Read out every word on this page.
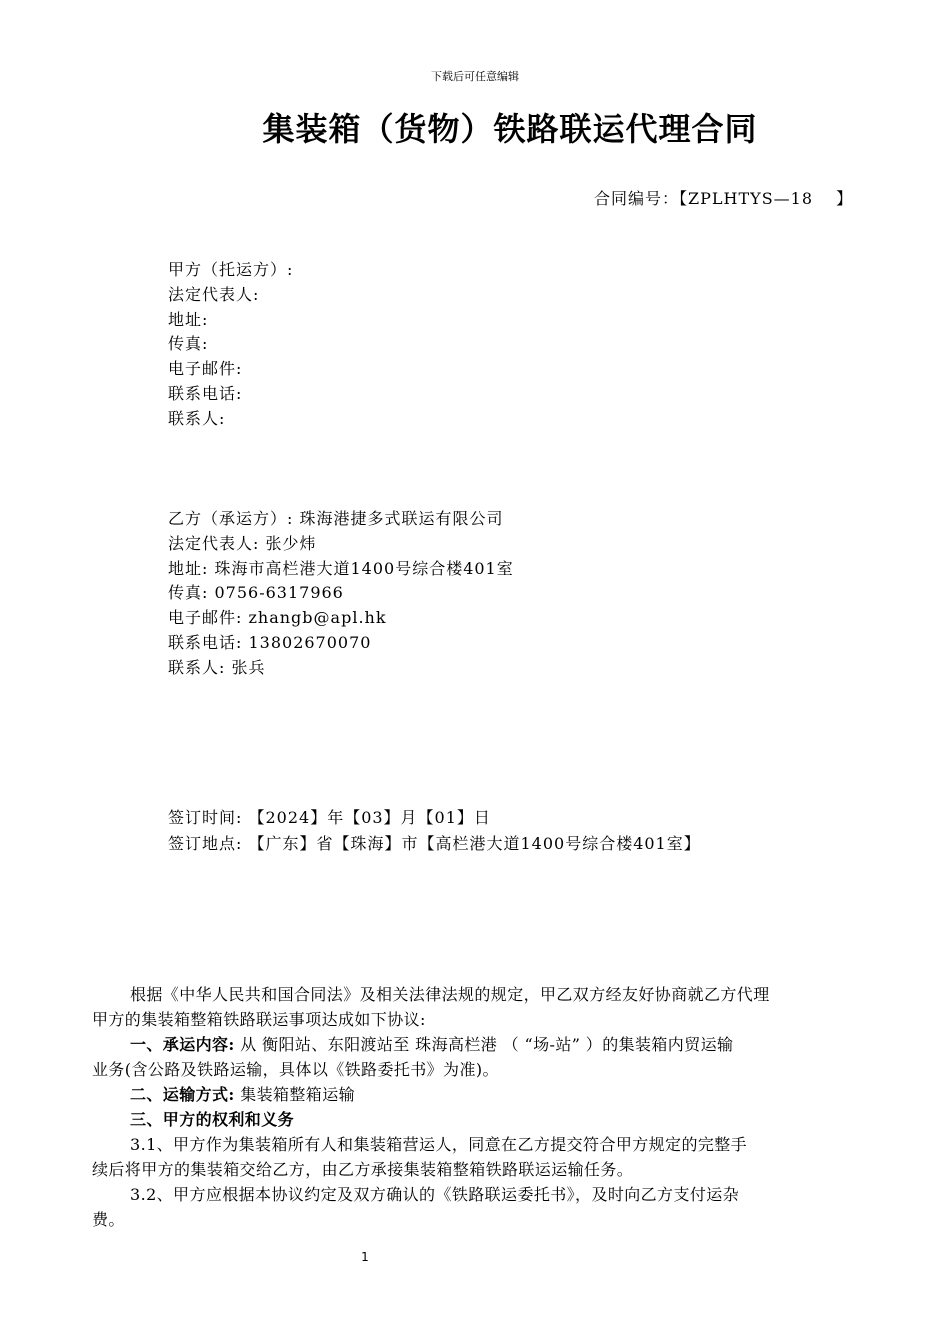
下载后可任意编辑
集装箱（货物）铁路联运代理合同
合同编号：【ZPLHTYS—18　 】
甲方（托运方）:
法定代表人:
地址:
传真:
电子邮件:
联系电话:
联系人:
乙方（承运方）: 珠海港捷多式联运有限公司
法定代表人: 张少炜
地址: 珠海市高栏港大道1400号综合楼401室
传真: 0756-6317966
电子邮件: zhangb@apl.hk
联系电话: 13802670070
联系人: 张兵
签订时间: 【2024】年【03】月【01】日
签订地点: 【广东】省【珠海】市【高栏港大道1400号综合楼401室】
根据《中华人民共和国合同法》及相关法律法规的规定，甲乙双方经友好协商就乙方代理
甲方的集装箱整箱铁路联运事项达成如下协议:
一、承运内容: 从 衡阳站、东阳渡站至 珠海高栏港 （ “场-站” ）的集装箱内贸运输
业务(含公路及铁路运输，具体以《铁路委托书》为准)。
二、运输方式: 集装箱整箱运输
三、甲方的权利和义务
3.1、甲方作为集装箱所有人和集装箱营运人，同意在乙方提交符合甲方规定的完整手
续后将甲方的集装箱交给乙方，由乙方承接集装箱整箱铁路联运运输任务。
3.2、甲方应根据本协议约定及双方确认的《铁路联运委托书》，及时向乙方支付运杂
费。
1
